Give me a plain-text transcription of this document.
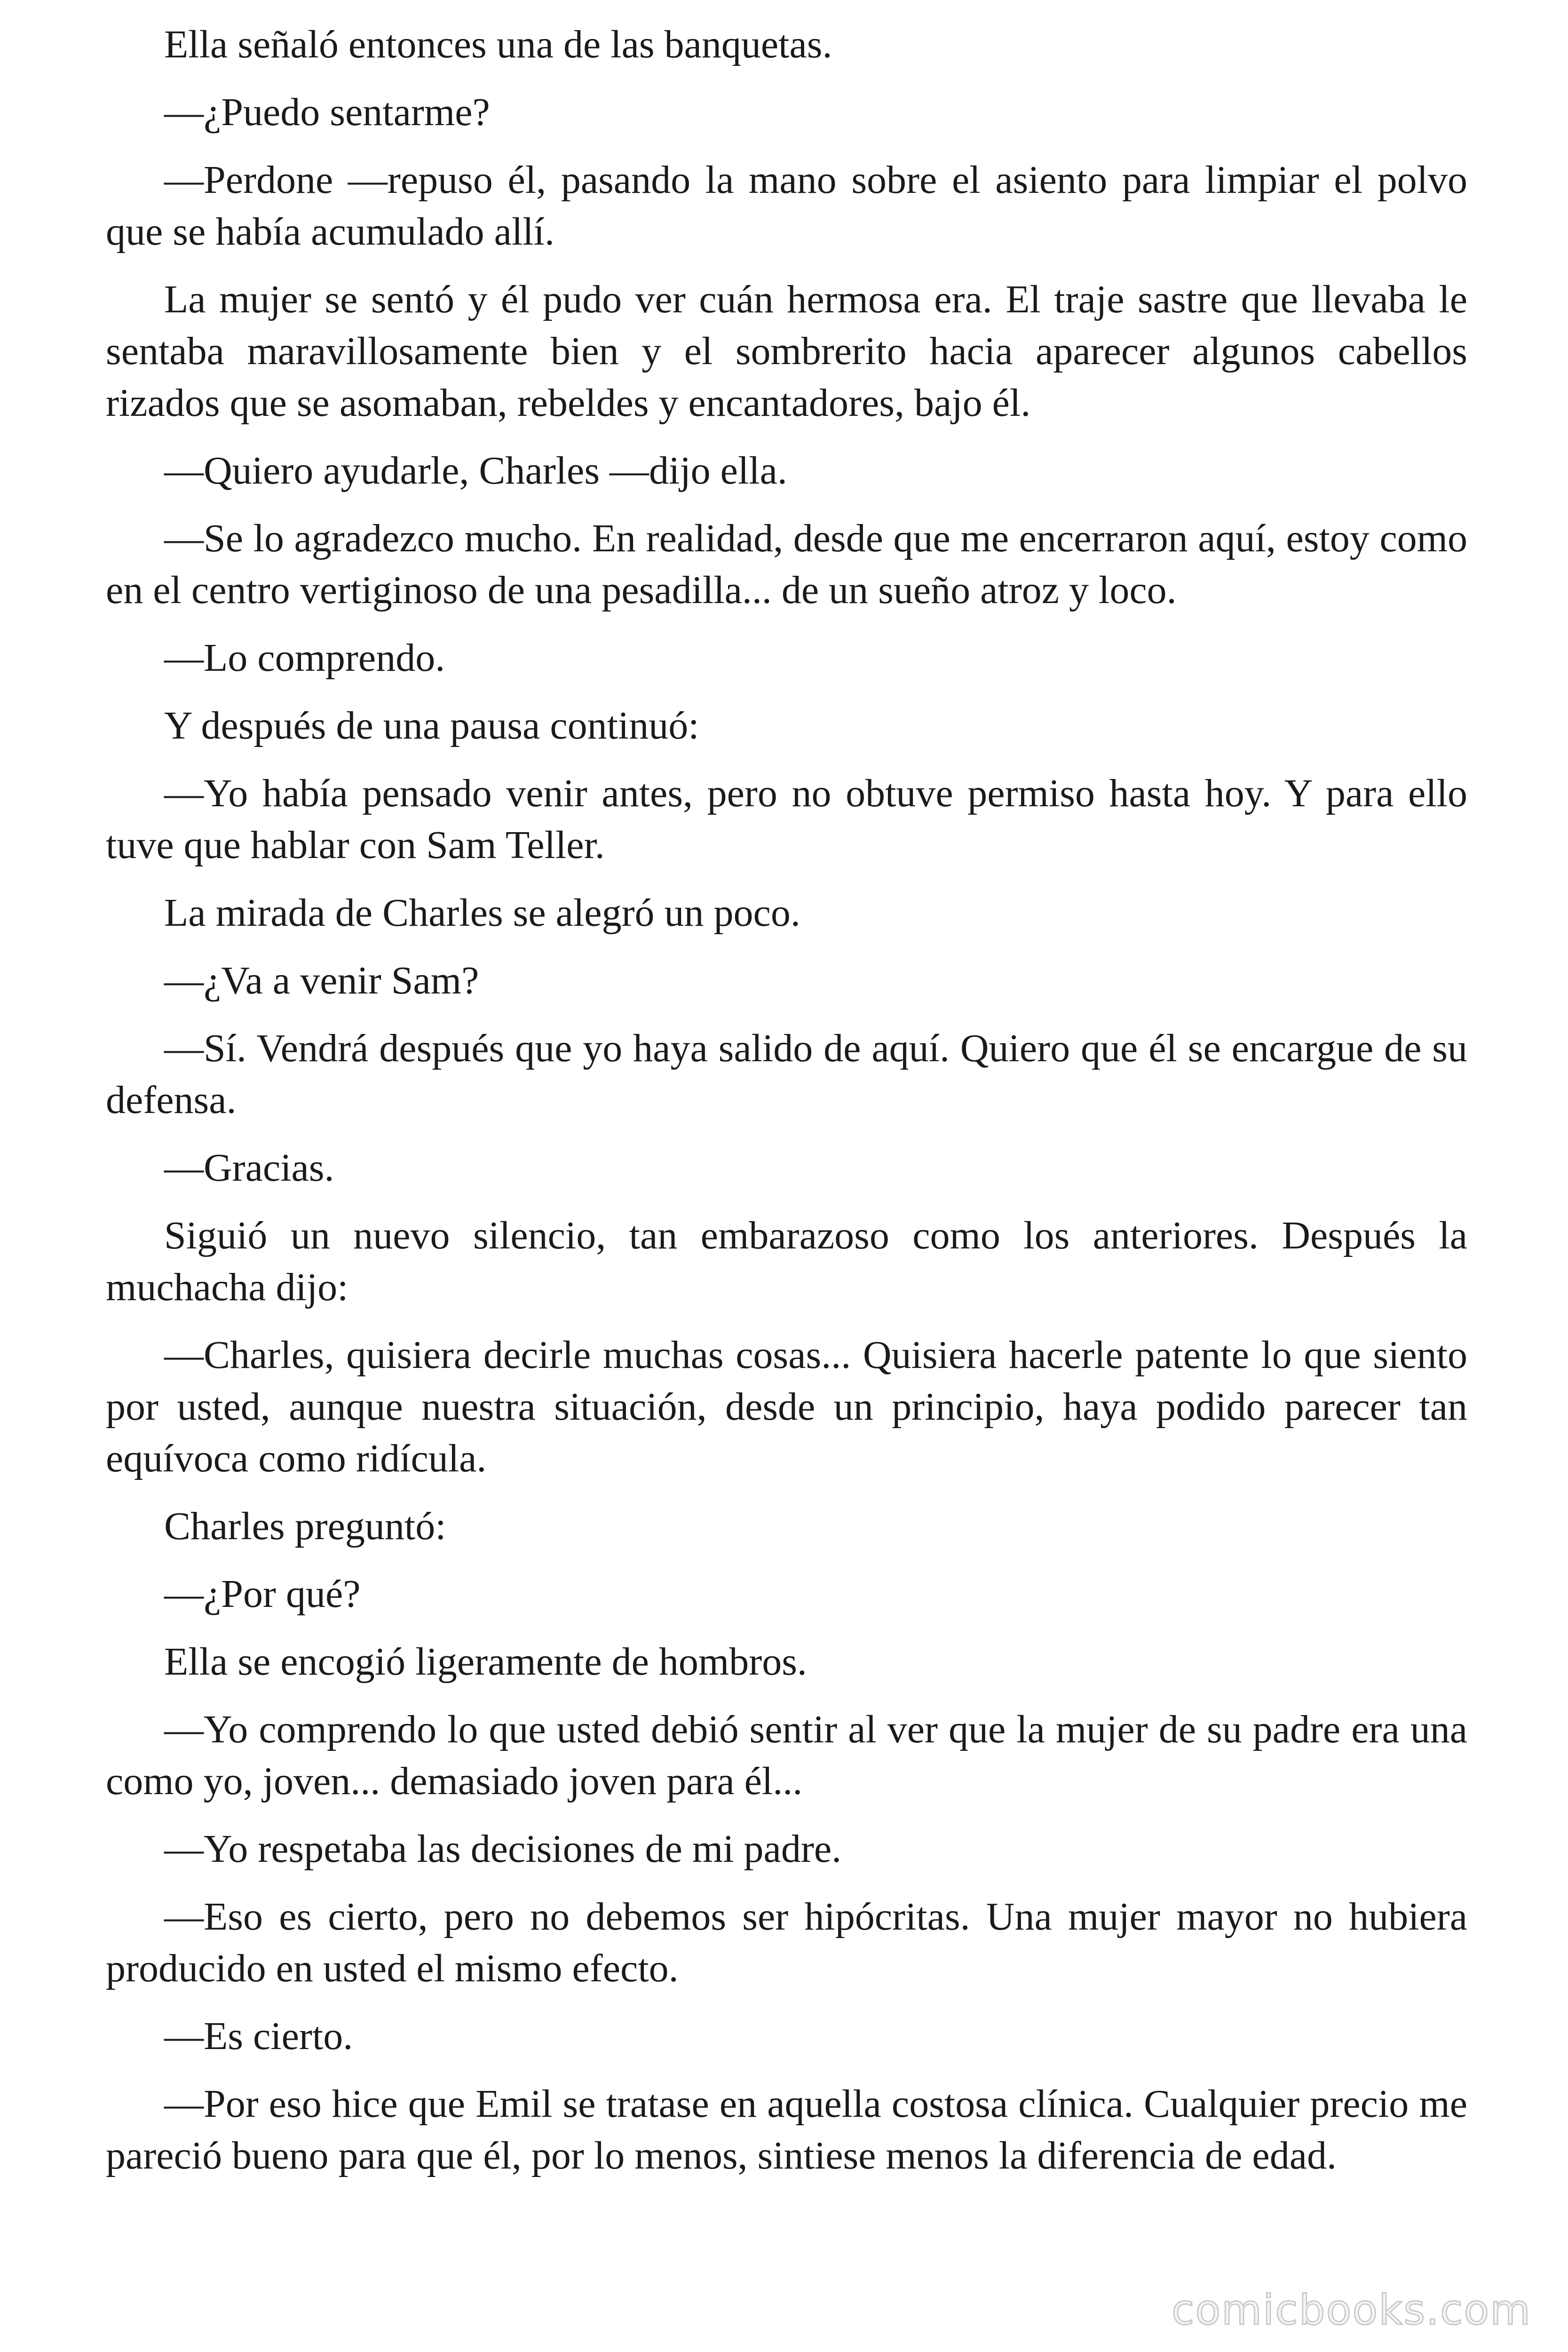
Ella señaló entonces una de las banquetas.

—¿Puedo sentarme?

—Perdone —repuso él, pasando la mano sobre el asiento para limpiar el polvo que se había acumulado allí.

La mujer se sentó y él pudo ver cuán hermosa era. El traje sastre que llevaba le sentaba maravillosamente bien y el sombrerito hacia aparecer algunos cabellos rizados que se asomaban, rebeldes y encantadores, bajo él.

—Quiero ayudarle, Charles —dijo ella.

—Se lo agradezco mucho. En realidad, desde que me encerraron aquí, estoy como en el centro vertiginoso de una pesadilla... de un sueño atroz y loco.

—Lo comprendo.

Y después de una pausa continuó:

—Yo había pensado venir antes, pero no obtuve permiso hasta hoy. Y para ello tuve que hablar con Sam Teller.

La mirada de Charles se alegró un poco.

—¿Va a venir Sam?

—Sí. Vendrá después que yo haya salido de aquí. Quiero que él se encargue de su defensa.

—Gracias.

Siguió un nuevo silencio, tan embarazoso como los anteriores. Después la muchacha dijo:

—Charles, quisiera decirle muchas cosas... Quisiera hacerle patente lo que siento por usted, aunque nuestra situación, desde un principio, haya podido parecer tan equívoca como ridícula.

Charles preguntó:

—¿Por qué?

Ella se encogió ligeramente de hombros.

—Yo comprendo lo que usted debió sentir al ver que la mujer de su padre era una como yo, joven... demasiado joven para él...

—Yo respetaba las decisiones de mi padre.

—Eso es cierto, pero no debemos ser hipócritas. Una mujer mayor no hubiera producido en usted el mismo efecto.

—Es cierto.

—Por eso hice que Emil se tratase en aquella costosa clínica. Cualquier precio me pareció bueno para que él, por lo menos, sintiese menos la diferencia de edad.

comicbooks.com
